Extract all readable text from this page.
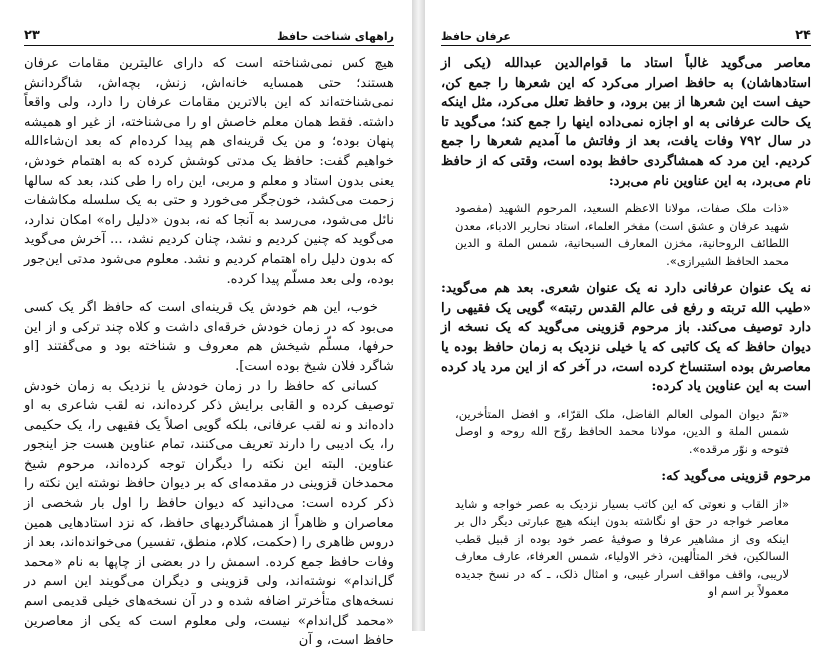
راههای شناخت حافظ
۲۳

هیچ کس نمی‌شناخته است که دارای عالیترین مقامات عرفان هستند؛ حتی همسایه خانه‌اش، زنش، بچه‌اش، شاگردانش نمی‌شناخته‌اند که این بالاترین مقامات عرفان را دارد، ولی واقعاً داشته. فقط همان معلم خاصش او را می‌شناخته، از غیر او همیشه پنهان بوده؛ و من یک قرینه‌ای هم پیدا کرده‌ام که بعد ان‌شاءالله خواهیم گفت: حافظ یک مدتی کوشش کرده که به اهتمام خودش، یعنی بدون استاد و معلم و مربی، این راه را طی کند، بعد که سالها زحمت می‌کشد، خون‌جگر می‌خورد و حتی به یک سلسله مکاشفات نائل می‌شود، می‌رسد به آنجا که نه، بدون «دلیل راه» امکان ندارد، می‌گوید که چنین کردیم و نشد، چنان کردیم نشد، ... آخرش می‌گوید که بدون دلیل راه اهتمام کردیم و نشد. معلوم می‌شود مدتی این‌جور بوده، ولی بعد مسلّم پیدا کرده.

خوب، این هم خودش یک قرینه‌ای است که حافظ اگر یک کسی می‌بود که در زمان خودش خرقه‌ای داشت و کلاه چند ترکی و از این حرفها، مسلّم شیخش هم معروف و شناخته بود و می‌گفتند [او شاگرد فلان شیخ بوده است].

کسانی که حافظ را در زمان خودش یا نزدیک به زمان خودش توصیف کرده و القابی برایش ذکر کرده‌اند، نه لقب شاعری به او داده‌اند و نه لقب عرفانی، بلکه گویی اصلاً یک فقیهی را، یک حکیمی را، یک ادیبی را دارند تعریف می‌کنند، تمام عناوین هست جز اینجور عناوین. البته این نکته را دیگران توجه کرده‌اند، مرحوم شیخ محمدخان قزوینی در مقدمه‌ای که بر دیوان حافظ نوشته این نکته را ذکر کرده است: می‌دانید که دیوان حافظ را اول بار شخصی از معاصران و ظاهراً از همشاگردیهای حافظ، که نزد استادهایی همین دروس ظاهری را (حکمت، کلام، منطق، تفسیر) می‌خوانده‌اند، بعد از وفات حافظ جمع کرده. اسمش را در بعضی از چاپها به نام «محمد گل‌اندام» نوشته‌اند، ولی قزوینی و دیگران می‌گویند این اسم در نسخه‌های متأخرتر اضافه شده و در آن نسخه‌های خیلی قدیمی اسم «محمد گل‌اندام» نیست، ولی معلوم است که یکی از معاصرین حافظ است، و آن

۲۴
عرفان حافظ

معاصر می‌گوید غالباً استاد ما قوام‌الدین عبدالله (یکی از استادهاشان) به حافظ اصرار می‌کرد که این شعرها را جمع کن، حیف است این شعرها از بین برود، و حافظ تعلل می‌کرد، مثل اینکه یک حالت عرفانی به او اجازه نمی‌داده اینها را جمع کند؛ می‌گوید تا در سال ۷۹۲ وفات یافت، بعد از وفاتش ما آمدیم شعرها را جمع کردیم. این مرد که همشاگردی حافظ بوده است، وقتی که از حافظ نام می‌برد، به این عناوین نام می‌برد:

«ذات ملک صفات، مولانا الاعظم السعید، المرحوم الشهید (مفصود شهید عرفان و عشق است) مفخر العلماء، استاد نحاریر الادباء، معدن اللطائف الروحانیة، مخزن المعارف السبحانیة، شمس الملة و الدین محمد الحافظ الشیرازی».

نه یک عنوان عرفانی دارد نه یک عنوان شعری. بعد هم می‌گوید: «طیب الله تربته و رفع فی عالم القدس رتبته» گویی یک فقیهی را دارد توصیف می‌کند. باز مرحوم قزوینی می‌گوید که یک نسخه از دیوان حافظ که یک کاتبی که یا خیلی نزدیک به زمان حافظ بوده یا معاصرش بوده استنساخ کرده است، در آخر که از این مرد یاد کرده است به این عناوین یاد کرده:

«تمّ دیوان المولی العالم الفاضل، ملک القرّاء، و افضل المتأخرین، شمس الملة و الدین، مولانا محمد الحافظ روّح الله روحه و اوصل فتوحه و نوّر مرقده».

مرحوم قزوینی می‌گوید که:

«از القاب و نعوتی که این کاتب بسیار نزدیک به عصر خواجه و شاید معاصر خواجه در حق او نگاشته بدون اینکه هیچ عبارتی دیگر دال بر اینکه وی از مشاهیر عرفا و صوفیهٔ عصر خود بوده از قبیل قطب السالکین، فخر المتألهین، ذخر الاولیاء، شمس العرفاء، عارف معارف لاریبی، واقف مواقف اسرار غیبی، و امثال ذلک، ـ که در نسخ جدیده معمولاً بر اسم او
